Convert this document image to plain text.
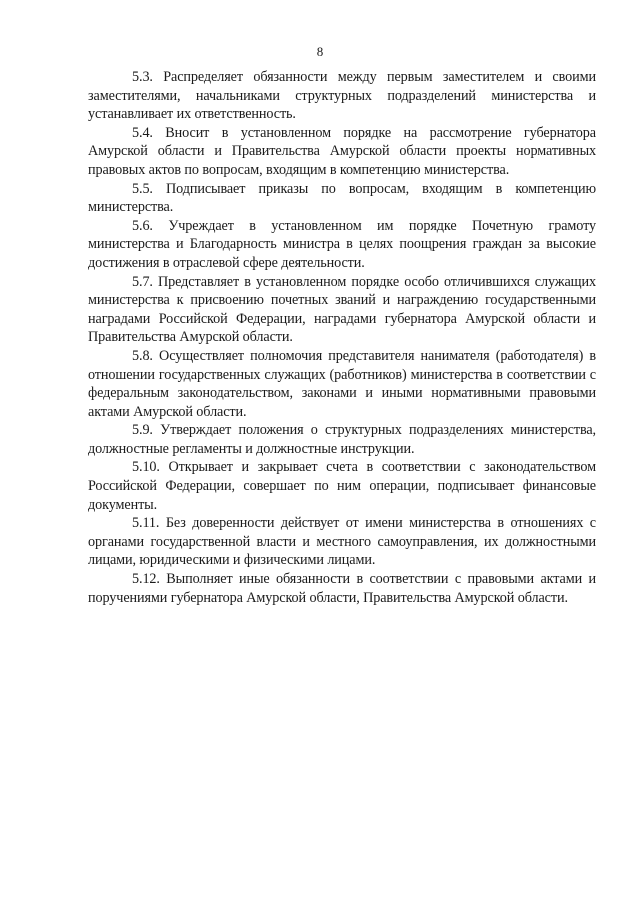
8

5.3. Распределяет обязанности между первым заместителем и своими заместителями, начальниками структурных подразделений министерства и устанавливает их ответственность.

5.4. Вносит в установленном порядке на рассмотрение губернатора Амурской области и Правительства Амурской области проекты нормативных правовых актов по вопросам, входящим в компетенцию министерства.

5.5. Подписывает приказы по вопросам, входящим в компетенцию министерства.

5.6. Учреждает в установленном им порядке Почетную грамоту министерства и Благодарность министра в целях поощрения граждан за высокие достижения в отраслевой сфере деятельности.

5.7. Представляет в установленном порядке особо отличившихся служащих министерства к присвоению почетных званий и награждению государственными наградами Российской Федерации, наградами губернатора Амурской области и Правительства Амурской области.

5.8. Осуществляет полномочия представителя нанимателя (работодателя) в отношении государственных служащих (работников) министерства в соответствии с федеральным законодательством, законами и иными нормативными правовыми актами Амурской области.

5.9. Утверждает положения о структурных подразделениях министерства, должностные регламенты и должностные инструкции.

5.10. Открывает и закрывает счета в соответствии с законодательством Российской Федерации, совершает по ним операции, подписывает финансовые документы.

5.11. Без доверенности действует от имени министерства в отношениях с органами государственной власти и местного самоуправления, их должностными лицами, юридическими и физическими лицами.

5.12. Выполняет иные обязанности в соответствии с правовыми актами и поручениями губернатора Амурской области, Правительства Амурской области.
